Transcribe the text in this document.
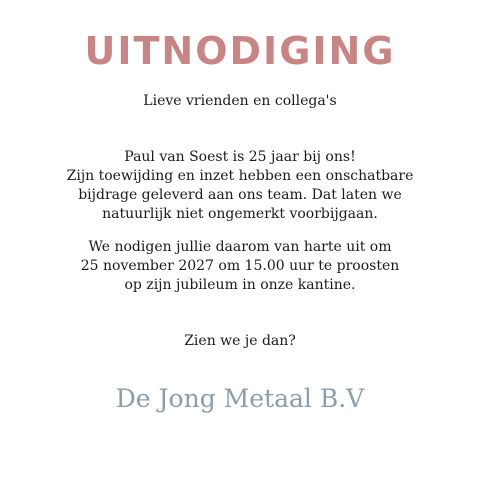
UITNODIGING
Lieve vrienden en collega's
Paul van Soest is 25 jaar bij ons!
Zijn toewijding en inzet hebben een onschatbare
bijdrage geleverd aan ons team. Dat laten we
natuurlijk niet ongemerkt voorbijgaan.
We nodigen jullie daarom van harte uit om
25 november 2027 om 15.00 uur te proosten
op zijn jubileum in onze kantine.
Zien we je dan?
De Jong Metaal B.V
